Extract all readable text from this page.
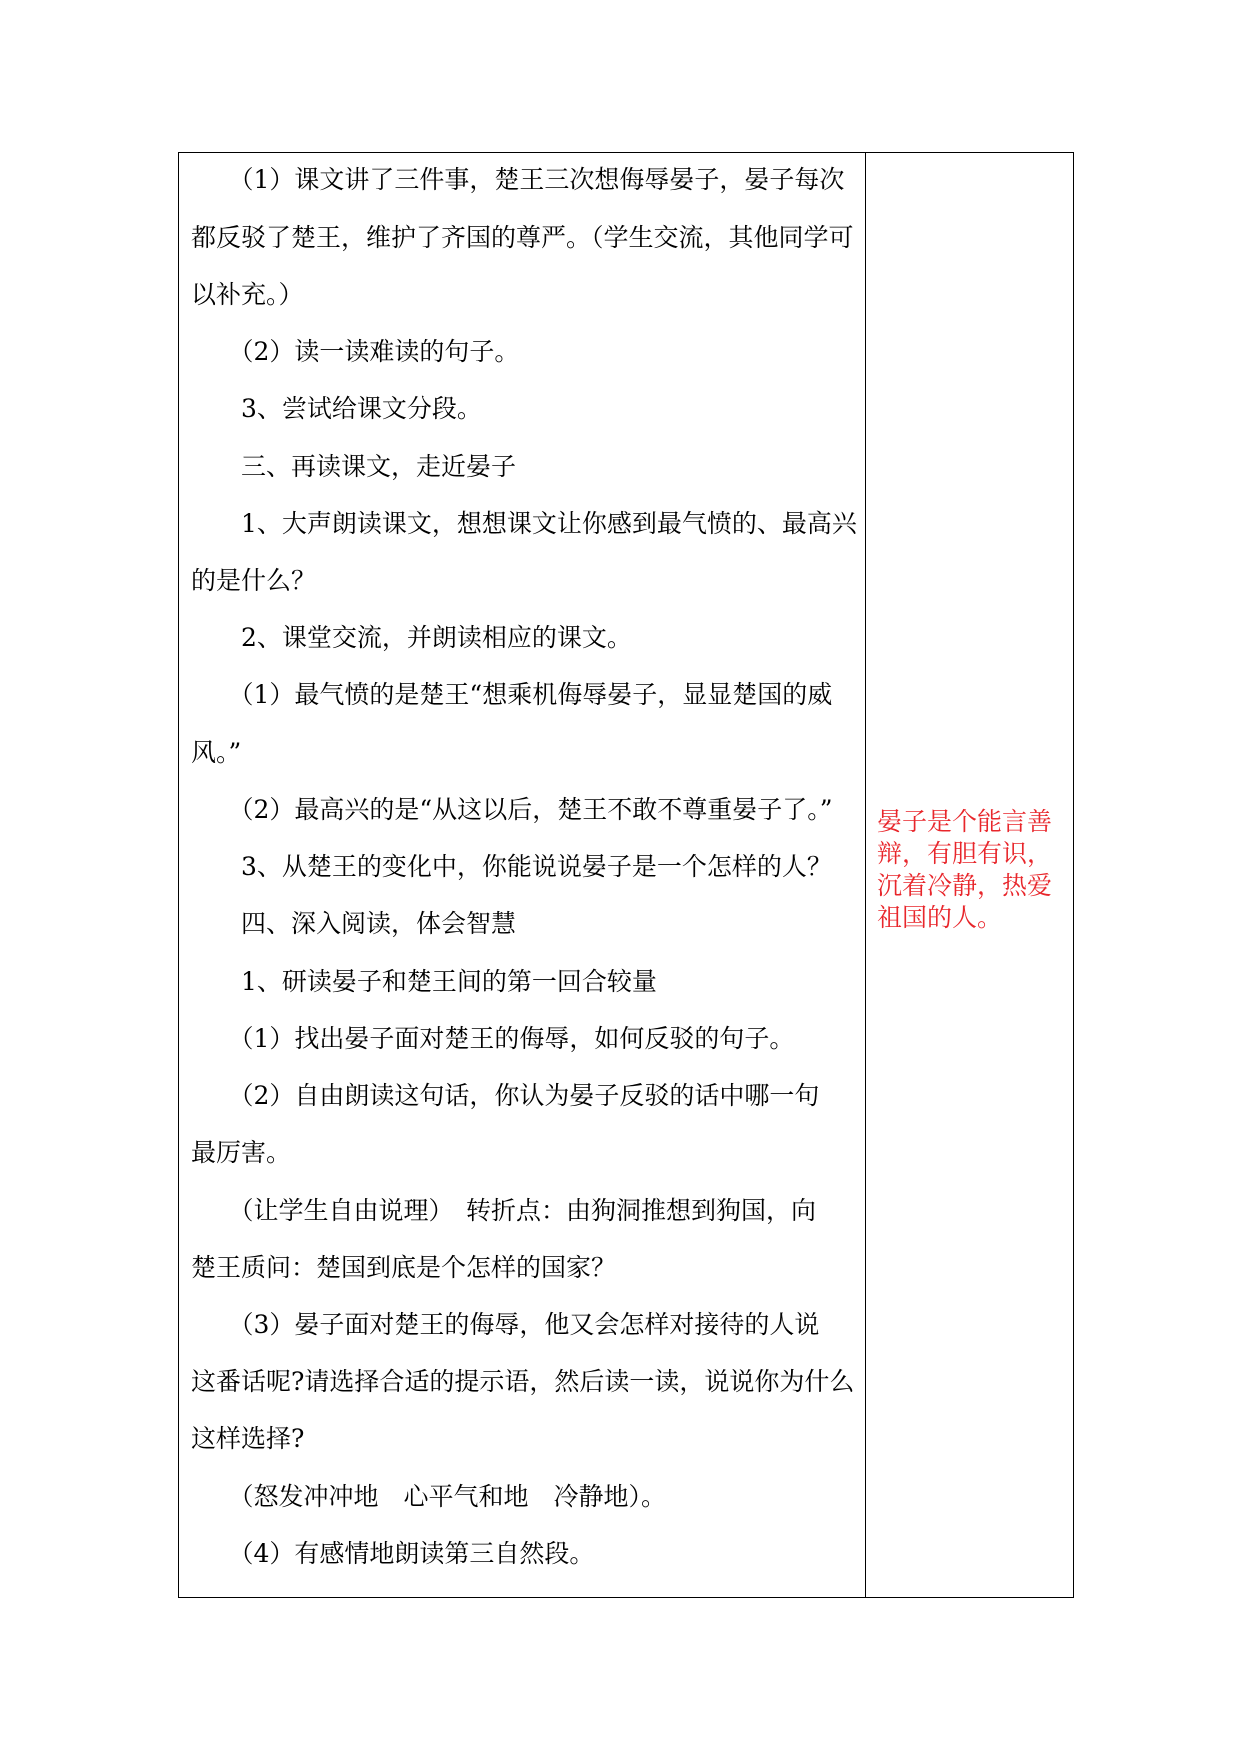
　　（1）课文讲了三件事，楚王三次想侮辱晏子，晏子每次
都反驳了楚王，维护了齐国的尊严。（学生交流，其他同学可
以补充。）
　　（2）读一读难读的句子。
　　3、尝试给课文分段。
　　三、再读课文，走近晏子
　　1、大声朗读课文，想想课文让你感到最气愤的、最高兴
的是什么？
　　2、课堂交流，并朗读相应的课文。
　　（1）最气愤的是楚王“想乘机侮辱晏子，显显楚国的威
风。”
　　（2）最高兴的是“从这以后，楚王不敢不尊重晏子了。”
　　3、从楚王的变化中，你能说说晏子是一个怎样的人？
　　四、深入阅读，体会智慧
　　1、研读晏子和楚王间的第一回合较量
　　（1）找出晏子面对楚王的侮辱，如何反驳的句子。
　　（2）自由朗读这句话，你认为晏子反驳的话中哪一句
最厉害。
　　（让学生自由说理）　转折点：由狗洞推想到狗国，向
楚王质问：楚国到底是个怎样的国家？
　　（3）晏子面对楚王的侮辱，他又会怎样对接待的人说
这番话呢?请选择合适的提示语，然后读一读，说说你为什么
这样选择?
　　（怒发冲冲地　心平气和地　冷静地）。
　　（4）有感情地朗读第三自然段。
晏子是个能言善
辩，有胆有识，
沉着冷静，热爱
祖国的人。
